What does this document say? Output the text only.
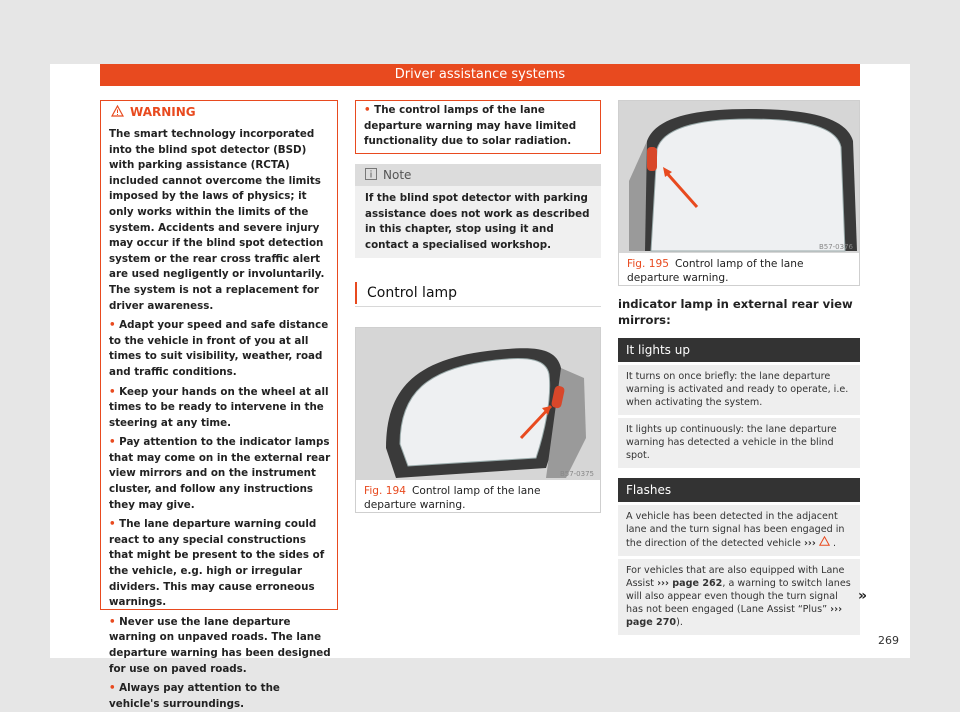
Driver assistance systems
WARNING

The smart technology incorporated into the blind spot detector (BSD) with parking assistance (RCTA) included cannot overcome the limits imposed by the laws of physics; it only works within the limits of the system. Accidents and severe injury may occur if the blind spot detection system or the rear cross traffic alert are used negligently or involuntarily. The system is not a replacement for driver awareness.

• Adapt your speed and safe distance to the vehicle in front of you at all times to suit visibility, weather, road and traffic conditions.

• Keep your hands on the wheel at all times to be ready to intervene in the steering at any time.

• Pay attention to the indicator lamps that may come on in the external rear view mirrors and on the instrument cluster, and follow any instructions they may give.

• The lane departure warning could react to any special constructions that might be present to the sides of the vehicle, e.g. high or irregular dividers. This may cause erroneous warnings.

• Never use the lane departure warning on unpaved roads. The lane departure warning has been designed for use on paved roads.

• Always pay attention to the vehicle's surroundings.

• The control lamps of the lane departure warning may have limited functionality due to solar radiation.
Note
If the blind spot detector with parking assistance does not work as described in this chapter, stop using it and contact a specialised workshop.
Control lamp
B57-0375
Fig. 194 Control lamp of the lane departure warning.
B57-0376
Fig. 195 Control lamp of the lane departure warning.
indicator lamp in external rear view mirrors:
It lights up
It turns on once briefly: the lane departure warning is activated and ready to operate, i.e. when activating the system.
It lights up continuously: the lane departure warning has detected a vehicle in the blind spot.
Flashes
A vehicle has been detected in the adjacent lane and the turn signal has been engaged in the direction of the detected vehicle ››› .
For vehicles that are also equipped with Lane Assist ››› page 262, a warning to switch lanes will also appear even though the turn signal has not been engaged (Lane Assist “Plus” ››› page 270).
»
269
